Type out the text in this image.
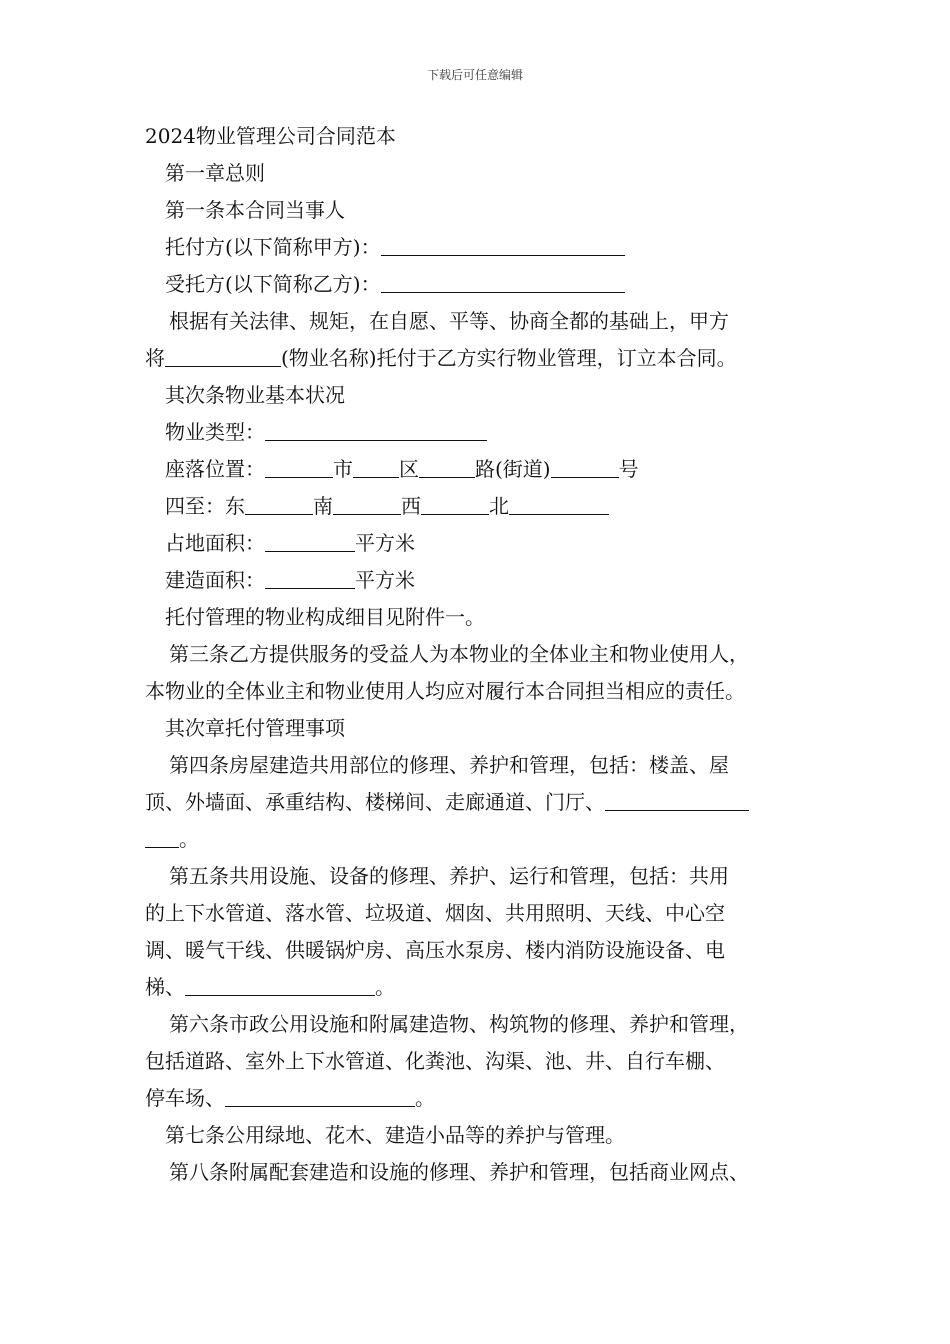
下载后可任意编辑
2024物业管理公司合同范本
第一章总则
第一条本合同当事人
托付方(以下简称甲方)：
受托方(以下简称乙方)：
根据有关法律、规矩，在自愿、平等、协商全都的基础上，甲方
将	(物业名称)托付于乙方实行物业管理，订立本合同。
其次条物业基本状况
物业类型：
座落位置：	市 区	路(街道)	号
四至：东	南	西	北
占地面积：	平方米
建造面积：	平方米
托付管理的物业构成细目见附件一。
第三条乙方提供服务的受益人为本物业的全体业主和物业使用人，
本物业的全体业主和物业使用人均应对履行本合同担当相应的责任。
其次章托付管理事项
第四条房屋建造共用部位的修理、养护和管理，包括：楼盖、屋
顶、外墙面、承重结构、楼梯间、走廊通道、门厅、
。
第五条共用设施、设备的修理、养护、运行和管理，包括：共用
的上下水管道、落水管、垃圾道、烟囱、共用照明、天线、中心空
调、暖气干线、供暖锅炉房、高压水泵房、楼内消防设施设备、电
梯、	。
第六条市政公用设施和附属建造物、构筑物的修理、养护和管理，
包括道路、室外上下水管道、化粪池、沟渠、池、井、自行车棚、
停车场、	。
第七条公用绿地、花木、建造小品等的养护与管理。
第八条附属配套建造和设施的修理、养护和管理，包括商业网点、
